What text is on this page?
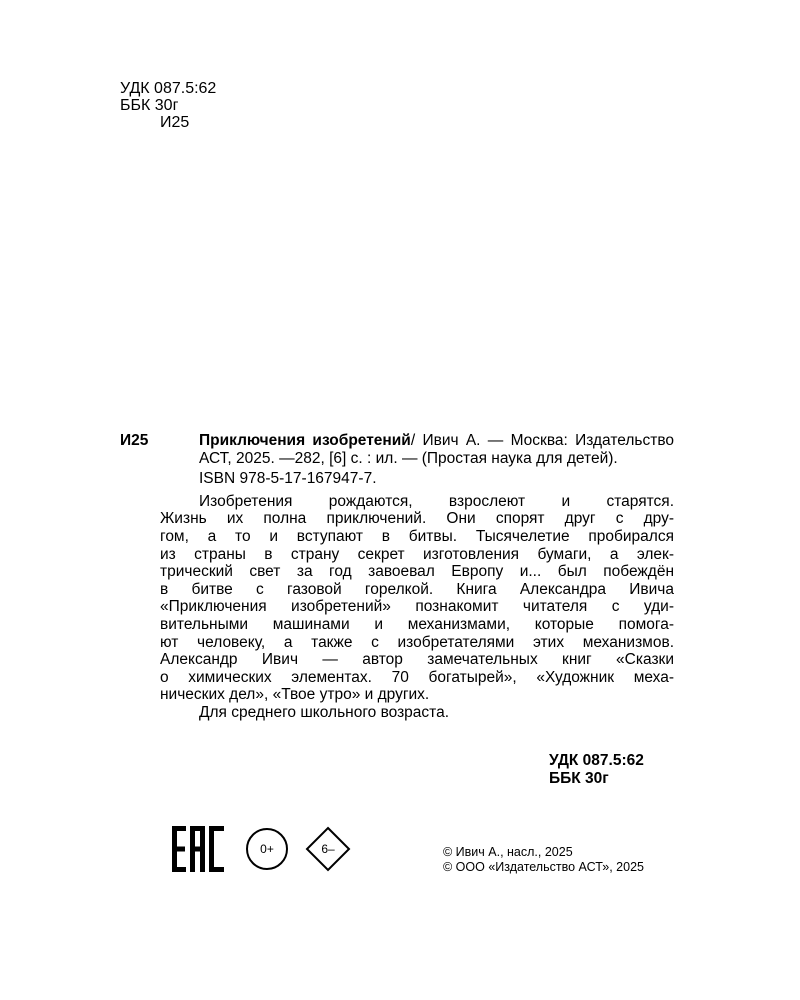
УДК 087.5:62
ББК 30г
И25
И25	Приключения изобретений/ Ивич А. — Москва: Издательство АСТ, 2025. —282, [6] с. : ил. — (Простая наука для детей).
ISBN 978-5-17-167947-7.
Изобретения рождаются, взрослеют и старятся.
Жизнь их полна приключений. Они спорят друг с дру-
гом, а то и вступают в битвы. Тысячелетие пробирался
из страны в страну секрет изготовления бумаги, а элек-
трический свет за год завоевал Европу и... был побеждён
в битве с газовой горелкой. Книга Александра Ивича
«Приключения изобретений» познакомит читателя с уди-
вительными машинами и механизмами, которые помога-
ют человеку, а также с изобретателями этих механизмов.
Александр Ивич — автор замечательных книг «Сказки
о химических элементах. 70 богатырей», «Художник меха-
нических дел», «Твое утро» и других.
Для среднего школьного возраста.
УДК 087.5:62
ББК 30г
0+	6–	© Ивич А., насл., 2025
© ООО «Издательство АСТ», 2025
